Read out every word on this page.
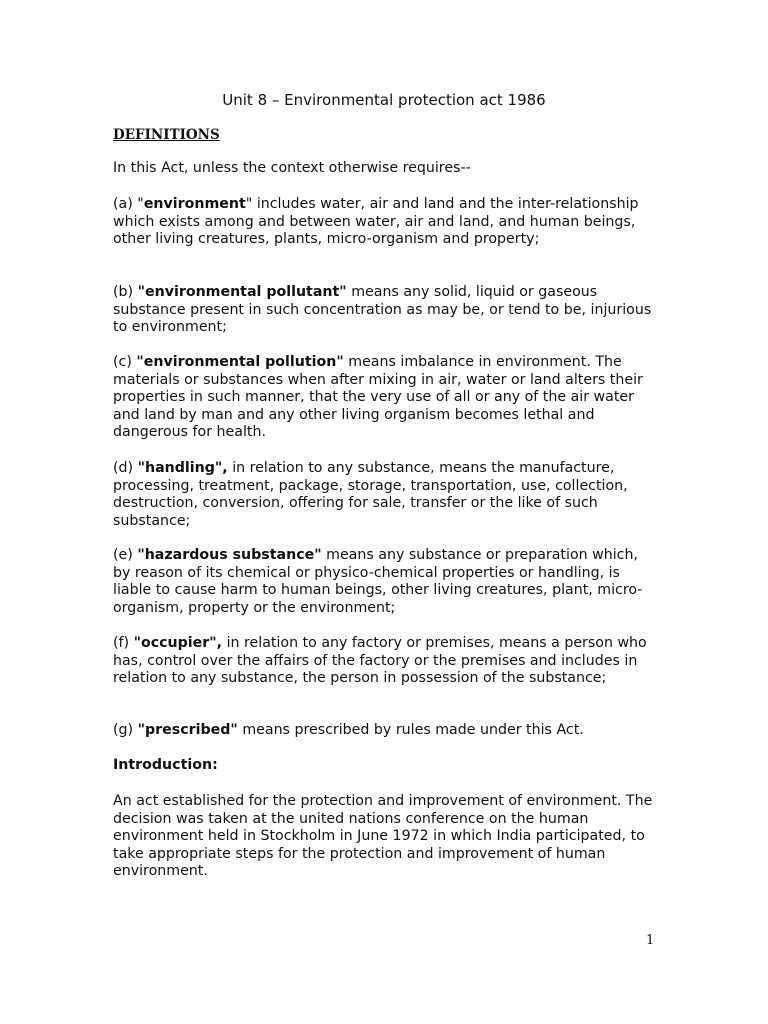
Unit 8 – Environmental protection act 1986
DEFINITIONS

In this Act, unless the context otherwise requires--

(a) "environment" includes water, air and land and the inter-relationship which exists among and between water, air and land, and human beings, other living creatures, plants, micro-organism and property;

(b) "environmental pollutant" means any solid, liquid or gaseous substance present in such concentration as may be, or tend to be, injurious to environment;

(c) "environmental pollution" means imbalance in environment. The materials or substances when after mixing in air, water or land alters their properties in such manner, that the very use of all or any of the air water and land by man and any other living organism becomes lethal and dangerous for health.

(d) "handling", in relation to any substance, means the manufacture, processing, treatment, package, storage, transportation, use, collection, destruction, conversion, offering for sale, transfer or the like of such substance;

(e) "hazardous substance" means any substance or preparation which, by reason of its chemical or physico-chemical properties or handling, is liable to cause harm to human beings, other living creatures, plant, micro-organism, property or the environment;

(f) "occupier", in relation to any factory or premises, means a person who has, control over the affairs of the factory or the premises and includes in relation to any substance, the person in possession of the substance;

(g) "prescribed" means prescribed by rules made under this Act.

Introduction:

An act established for the protection and improvement of environment. The decision was taken at the united nations conference on the human environment held in Stockholm in June 1972 in which India participated, to take appropriate steps for the protection and improvement of human environment.

1
